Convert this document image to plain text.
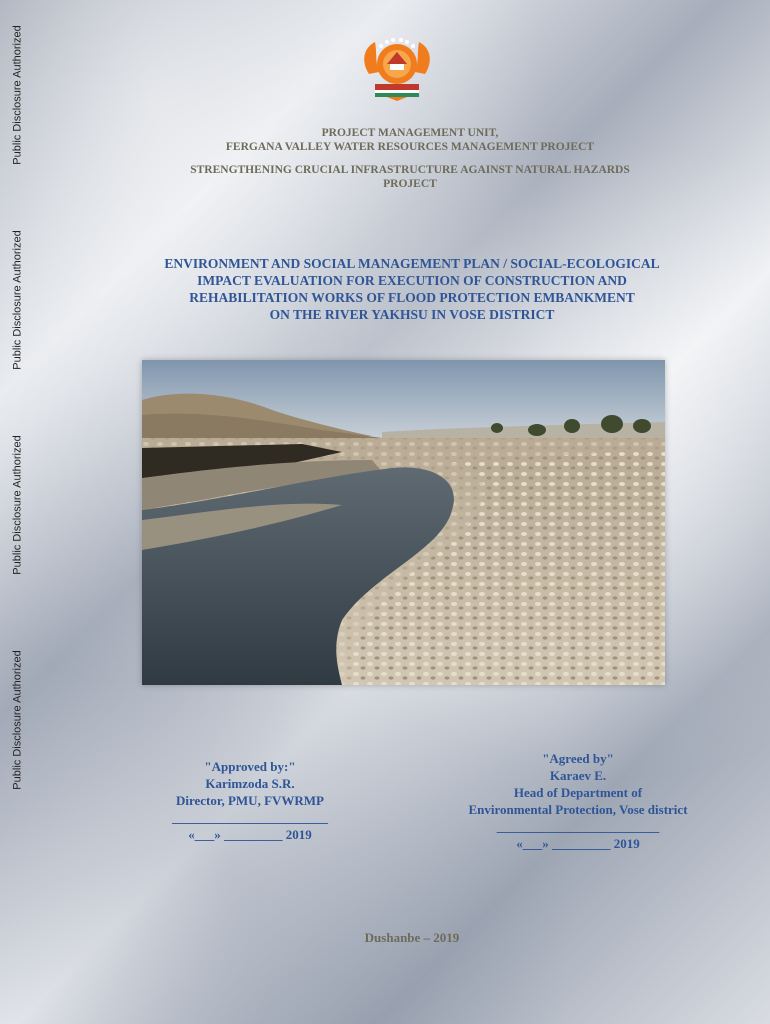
Public Disclosure Authorized
Public Disclosure Authorized
Public Disclosure Authorized
Public Disclosure Authorized
PROJECT MANAGEMENT UNIT,
FERGANA VALLEY WATER RESOURCES MANAGEMENT PROJECT
STRENGTHENING CRUCIAL INFRASTRUCTURE AGAINST NATURAL HAZARDS
PROJECT
ENVIRONMENT AND SOCIAL MANAGEMENT PLAN / SOCIAL-ECOLOGICAL
IMPACT EVALUATION FOR EXECUTION OF CONSTRUCTION AND
REHABILITATION WORKS OF FLOOD PROTECTION EMBANKMENT
ON THE RIVER YAKHSU IN VOSE DISTRICT
"Approved by:"
Karimzoda S.R.
Director, PMU, FVWRMP
________________________
«___» _________ 2019
"Agreed by"
Karaev E.
Head of Department of
Environmental Protection, Vose district
_________________________
«___» _________ 2019
Dushanbe – 2019
